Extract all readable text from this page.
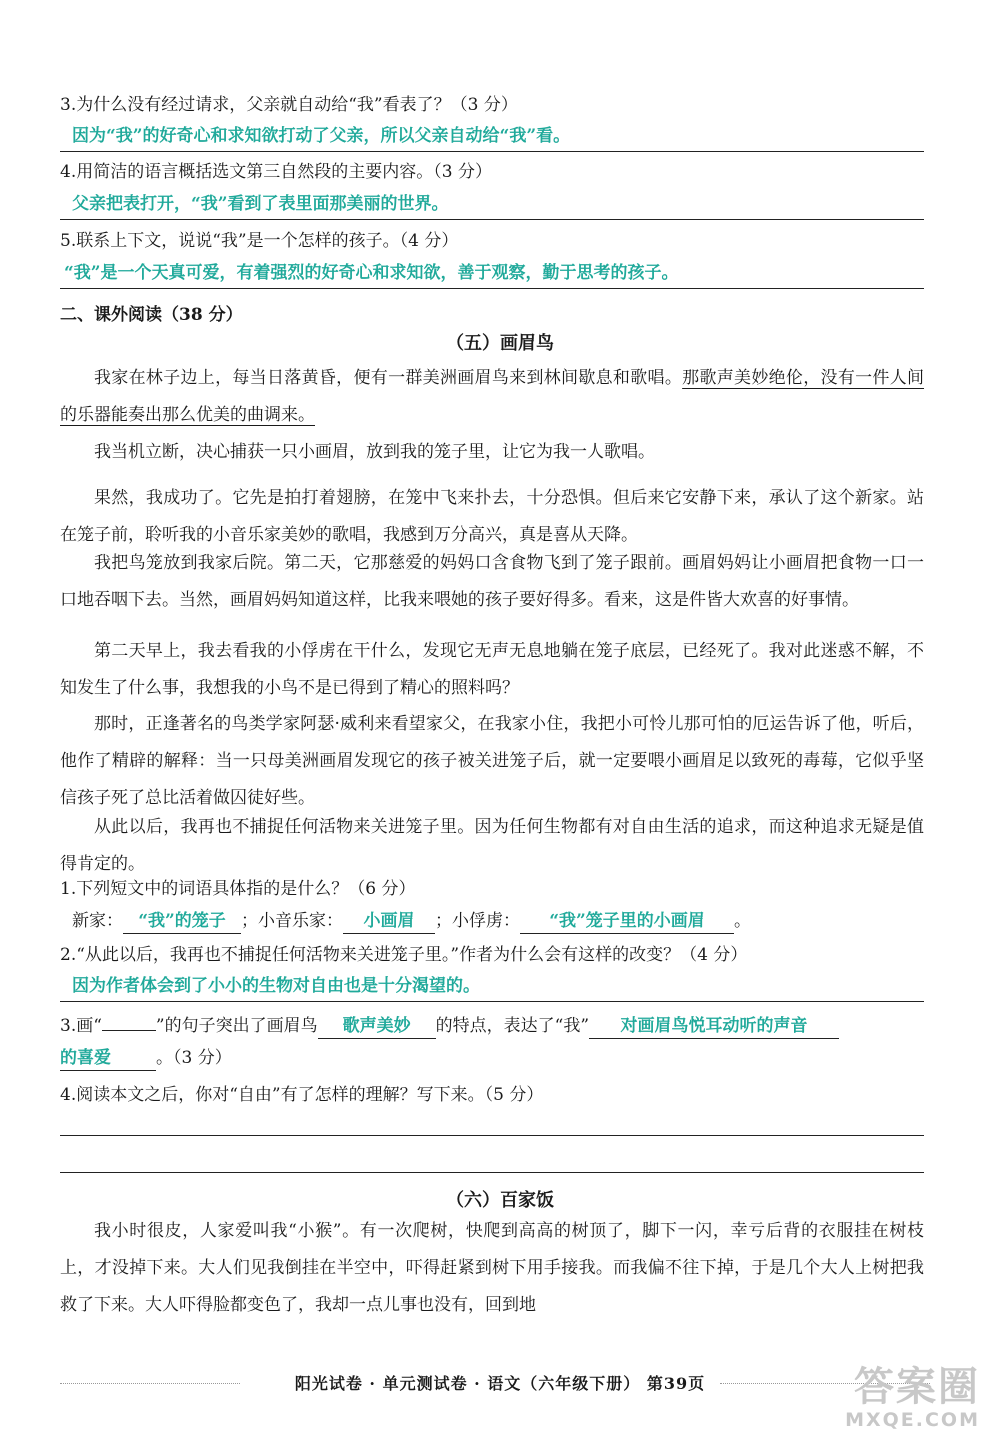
3.为什么没有经过请求，父亲就自动给“我”看表了？（3 分）
因为“我”的好奇心和求知欲打动了父亲，所以父亲自动给“我”看。
4.用简洁的语言概括选文第三自然段的主要内容。（3 分）
父亲把表打开，“我”看到了表里面那美丽的世界。
5.联系上下文，说说“我”是一个怎样的孩子。（4 分）
“我”是一个天真可爱，有着强烈的好奇心和求知欲，善于观察，勤于思考的孩子。
二、课外阅读（38 分）
（五）画眉鸟
我家在林子边上，每当日落黄昏，便有一群美洲画眉鸟来到林间歇息和歌唱。那歌声美妙绝伦，没有一件人间的乐器能奏出那么优美的曲调来。
我当机立断，决心捕获一只小画眉，放到我的笼子里，让它为我一人歌唱。
果然，我成功了。它先是拍打着翅膀，在笼中飞来扑去，十分恐惧。但后来它安静下来，承认了这个新家。站在笼子前，聆听我的小音乐家美妙的歌唱，我感到万分高兴，真是喜从天降。
我把鸟笼放到我家后院。第二天，它那慈爱的妈妈口含食物飞到了笼子跟前。画眉妈妈让小画眉把食物一口一口地吞咽下去。当然，画眉妈妈知道这样，比我来喂她的孩子要好得多。看来，这是件皆大欢喜的好事情。
第二天早上，我去看我的小俘虏在干什么，发现它无声无息地躺在笼子底层，已经死了。我对此迷惑不解，不知发生了什么事，我想我的小鸟不是已得到了精心的照料吗？
那时，正逢著名的鸟类学家阿瑟·威利来看望家父，在我家小住，我把小可怜儿那可怕的厄运告诉了他，听后，他作了精辟的解释：当一只母美洲画眉发现它的孩子被关进笼子后，就一定要喂小画眉足以致死的毒莓，它似乎坚信孩子死了总比活着做囚徒好些。
从此以后，我再也不捕捉任何活物来关进笼子里。因为任何生物都有对自由生活的追求，而这种追求无疑是值得肯定的。
1.下列短文中的词语具体指的是什么？（6 分）
新家： “我”的笼子 ；小音乐家： 小画眉 ；小俘虏： “我”笼子里的小画眉 。
2.“从此以后，我再也不捕捉任何活物来关进笼子里。”作者为什么会有这样的改变？（4 分）
因为作者体会到了小小的生物对自由也是十分渴望的。
3.画“	”的句子突出了画眉鸟 歌声美妙 的特点，表达了“我” 对画眉鸟悦耳动听的声音
的喜爱	。（3 分）
4.阅读本文之后，你对“自由”有了怎样的理解？写下来。（5 分）
（六）百家饭
我小时很皮，人家爱叫我“小猴”。有一次爬树，快爬到高高的树顶了，脚下一闪，幸亏后背的衣服挂在树枝上，才没掉下来。大人们见我倒挂在半空中，吓得赶紧到树下用手接我。而我偏不往下掉，于是几个大人上树把我救了下来。大人吓得脸都变色了，我却一点儿事也没有，回到地
阳光试卷 · 单元测试卷 · 语文（六年级下册） 第39页	答案圈
MXQE.COM
